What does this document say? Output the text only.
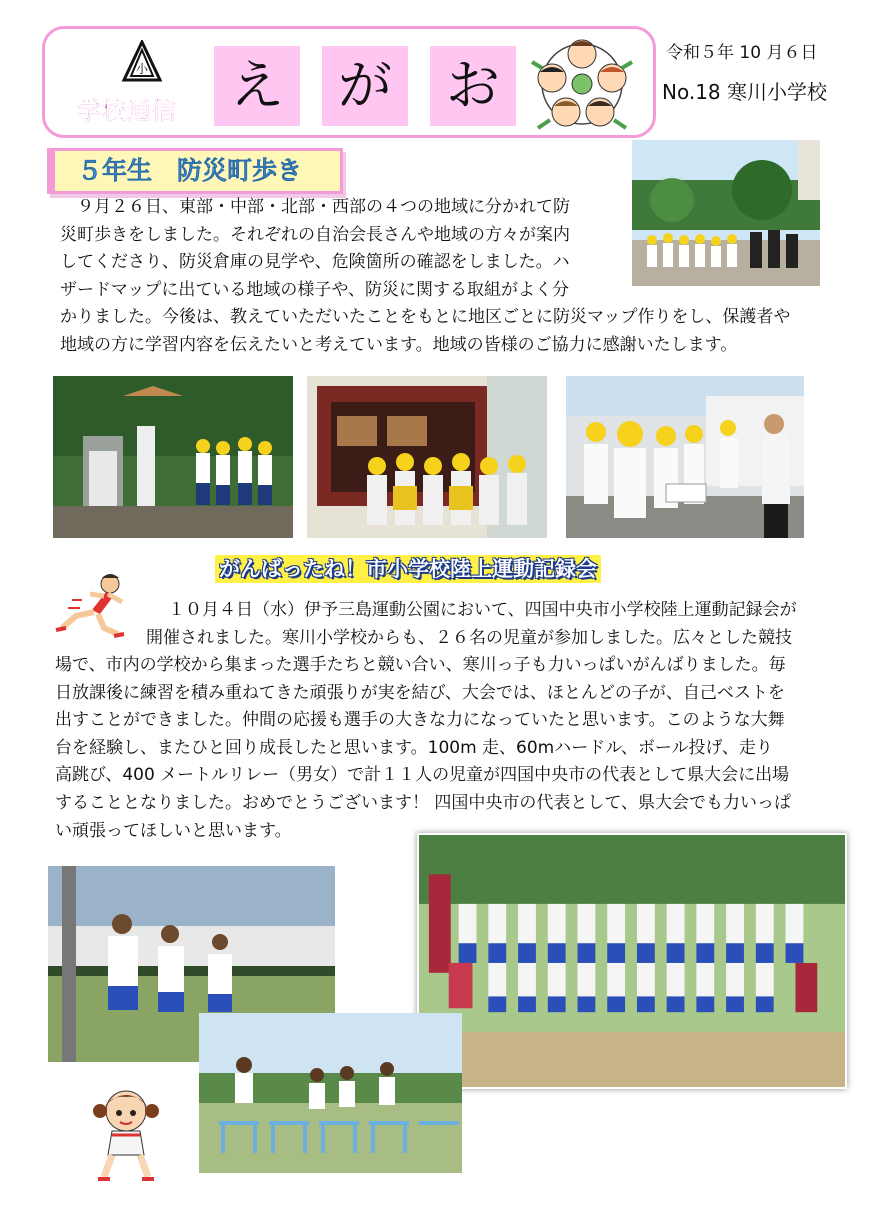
小
学校通信 え が お
令和５年 10 月６日
No.18 寒川小学校
５年生　防災町歩き
　９月２６日、東部・中部・北部・西部の４つの地域に分かれて防
災町歩きをしました。それぞれの自治会長さんや地域の方々が案内
してくださり、防災倉庫の見学や、危険箇所の確認をしました。ハ
ザードマップに出ている地域の様子や、防災に関する取組がよく分
かりました。今後は、教えていただいたことをもとに地区ごとに防災マップ作りをし、保護者や
地域の方に学習内容を伝えたいと考えています。地域の皆様のご協力に感謝いたします。
がんばったね！市小学校陸上運動記録会
１０月４日（水）伊予三島運動公園において、四国中央市小学校陸上運動記録会が
開催されました。寒川小学校からも、２６名の児童が参加しました。広々とした競技
場で、市内の学校から集まった選手たちと競い合い、寒川っ子も力いっぱいがんばりました。毎
日放課後に練習を積み重ねてきた頑張りが実を結び、大会では、ほとんどの子が、自己ベストを
出すことができました。仲間の応援も選手の大きな力になっていたと思います。このような大舞
台を経験し、またひと回り成長したと思います。100m 走、60mハードル、ボール投げ、走り
高跳び、400 メートルリレー（男女）で計１１人の児童が四国中央市の代表として県大会に出場
することとなりました。おめでとうございます！ 四国中央市の代表として、県大会でも力いっぱ
い頑張ってほしいと思います。
